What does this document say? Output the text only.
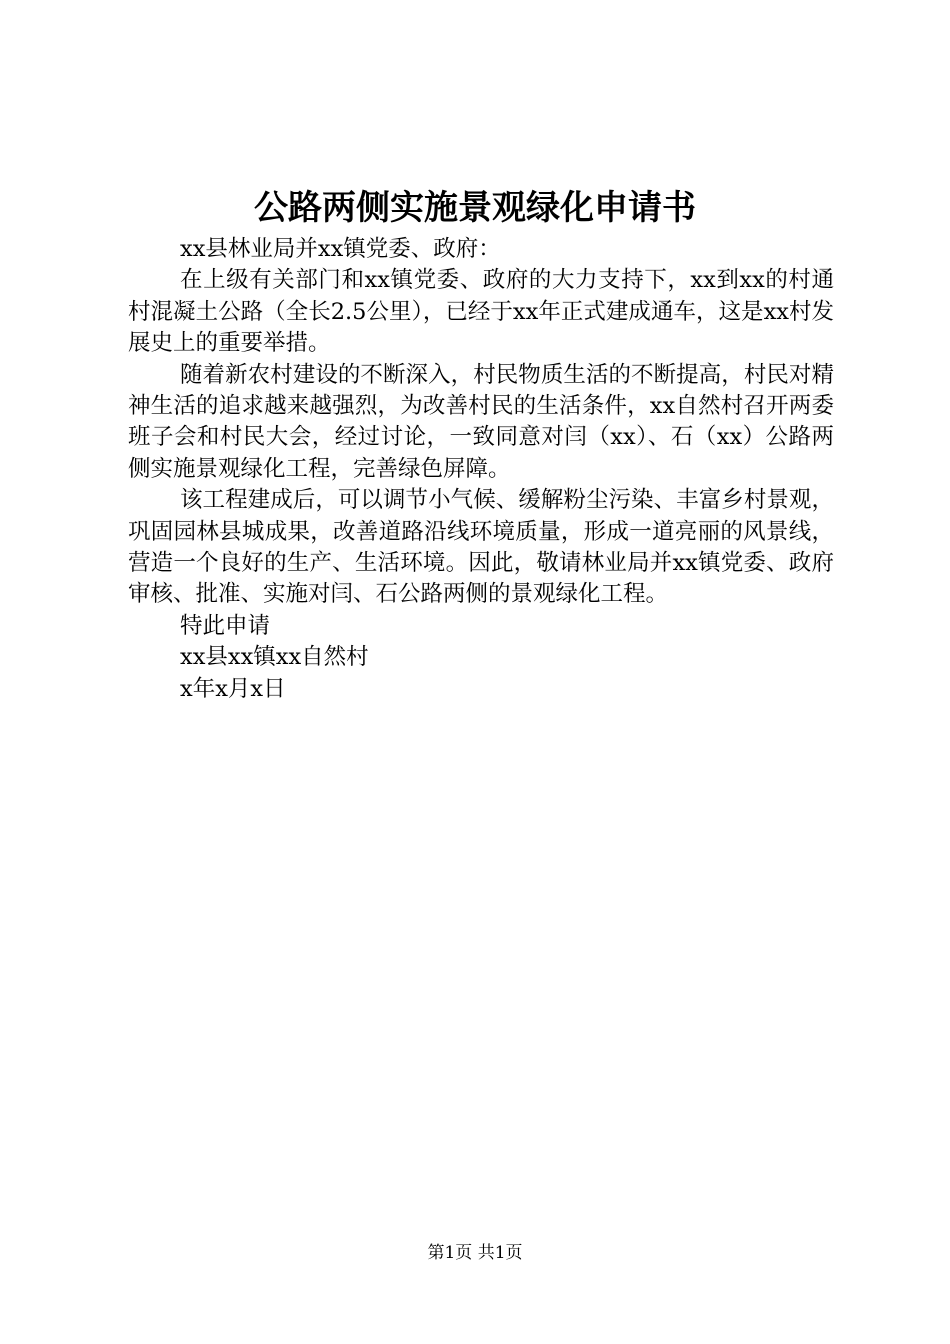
公路两侧实施景观绿化申请书

xx县林业局并xx镇党委、政府：

在上级有关部门和xx镇党委、政府的大力支持下，xx到xx的村通村混凝土公路（全长2.5公里），已经于xx年正式建成通车，这是xx村发展史上的重要举措。

随着新农村建设的不断深入，村民物质生活的不断提高，村民对精神生活的追求越来越强烈，为改善村民的生活条件，xx自然村召开两委班子会和村民大会，经过讨论，一致同意对闫（xx）、石（xx）公路两侧实施景观绿化工程，完善绿色屏障。

该工程建成后，可以调节小气候、缓解粉尘污染、丰富乡村景观，巩固园林县城成果，改善道路沿线环境质量，形成一道亮丽的风景线，营造一个良好的生产、生活环境。因此，敬请林业局并xx镇党委、政府审核、批准、实施对闫、石公路两侧的景观绿化工程。

特此申请

xx县xx镇xx自然村

x年x月x日

第1页 共1页
